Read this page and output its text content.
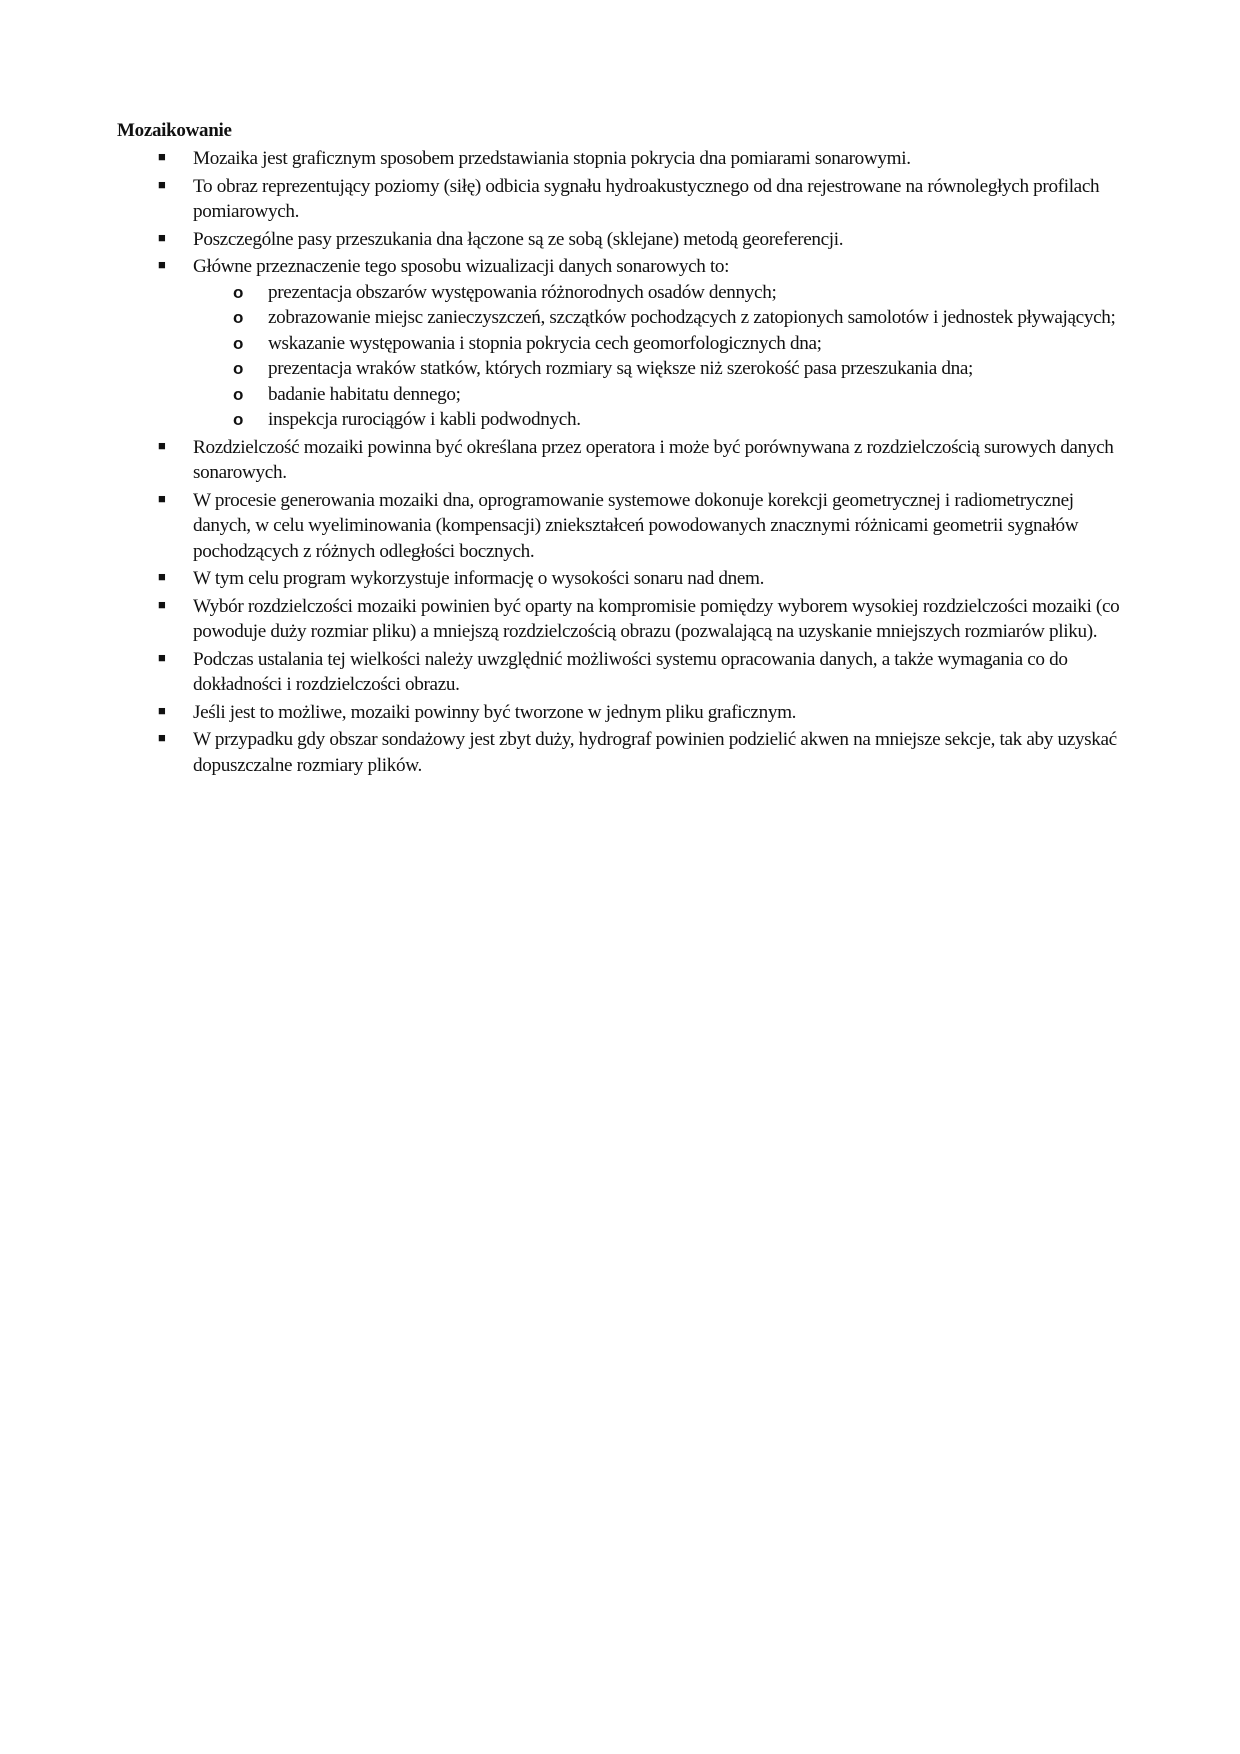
Mozaikowanie
■ Mozaika jest graficznym sposobem przedstawiania stopnia pokrycia dna pomiarami sonarowymi.
■ To obraz reprezentujący poziomy (siłę) odbicia sygnału hydroakustycznego od dna rejestrowane na równoległych profilach pomiarowych.
■ Poszczególne pasy przeszukania dna łączone są ze sobą (sklejane) metodą georeferencji.
■ Główne przeznaczenie tego sposobu wizualizacji danych sonarowych to:
o prezentacja obszarów występowania różnorodnych osadów dennych;
o zobrazowanie miejsc zanieczyszczeń, szczątków pochodzących z zatopionych samolotów i jednostek pływających;
o wskazanie występowania i stopnia pokrycia cech geomorfologicznych dna;
o prezentacja wraków statków, których rozmiary są większe niż szerokość pasa przeszukania dna;
o badanie habitatu dennego;
o inspekcja rurociągów i kabli podwodnych.
■ Rozdzielczość mozaiki powinna być określana przez operatora i może być porównywana z rozdzielczością surowych danych sonarowych.
■ W procesie generowania mozaiki dna, oprogramowanie systemowe dokonuje korekcji geometrycznej i radiometrycznej danych, w celu wyeliminowania (kompensacji) zniekształceń powodowanych znacznymi różnicami geometrii sygnałów pochodzących z różnych odległości bocznych.
■ W tym celu program wykorzystuje informację o wysokości sonaru nad dnem.
■ Wybór rozdzielczości mozaiki powinien być oparty na kompromisie pomiędzy wyborem wysokiej rozdzielczości mozaiki (co powoduje duży rozmiar pliku) a mniejszą rozdzielczością obrazu (pozwalającą na uzyskanie mniejszych rozmiarów pliku).
■ Podczas ustalania tej wielkości należy uwzględnić możliwości systemu opracowania danych, a także wymagania co do dokładności i rozdzielczości obrazu.
■ Jeśli jest to możliwe, mozaiki powinny być tworzone w jednym pliku graficznym.
■ W przypadku gdy obszar sondażowy jest zbyt duży, hydrograf powinien podzielić akwen na mniejsze sekcje, tak aby uzyskać dopuszczalne rozmiary plików.
